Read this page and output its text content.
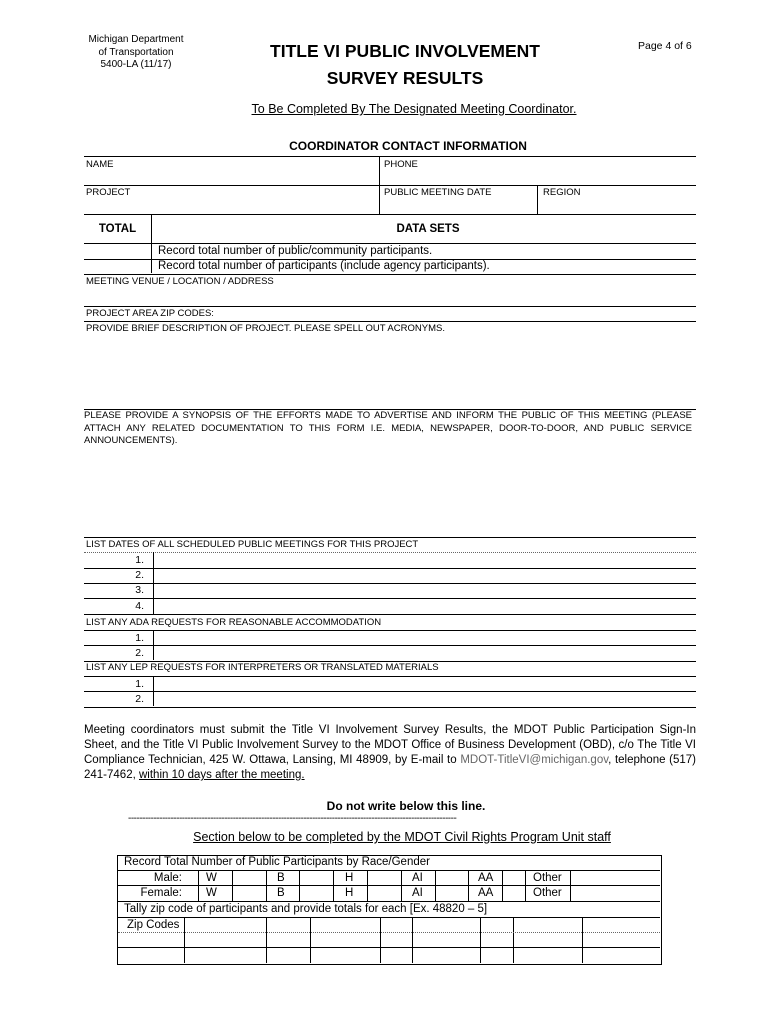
Michigan Department
of Transportation
5400-LA (11/17)
TITLE VI PUBLIC INVOLVEMENT
SURVEY RESULTS
Page 4 of 6
To Be Completed By The Designated Meeting Coordinator.
COORDINATOR CONTACT INFORMATION
NAME	PHONE
PROJECT	PUBLIC MEETING DATE	REGION
TOTAL	DATA SETS
Record total number of public/community participants.
Record total number of participants (include agency participants).
MEETING VENUE / LOCATION / ADDRESS
PROJECT AREA ZIP CODES:
PROVIDE BRIEF DESCRIPTION OF PROJECT. PLEASE SPELL OUT ACRONYMS.
PLEASE PROVIDE A SYNOPSIS OF THE EFFORTS MADE TO ADVERTISE AND INFORM THE PUBLIC OF THIS MEETING (PLEASE ATTACH ANY RELATED DOCUMENTATION TO THIS FORM I.E. MEDIA, NEWSPAPER, DOOR-TO-DOOR, AND PUBLIC SERVICE ANNOUNCEMENTS).
LIST DATES OF ALL SCHEDULED PUBLIC MEETINGS FOR THIS PROJECT
1.
2.
3.
4.
LIST ANY ADA REQUESTS FOR REASONABLE ACCOMMODATION
1.
2.
LIST ANY LEP REQUESTS FOR INTERPRETERS OR TRANSLATED MATERIALS
1.
2.
Meeting coordinators must submit the Title VI Involvement Survey Results, the MDOT Public Participation Sign-In Sheet, and the Title VI Public Involvement Survey to the MDOT Office of Business Development (OBD), c/o The Title VI Compliance Technician, 425 W. Ottawa, Lansing, MI 48909, by E-mail to MDOT-TitleVI@michigan.gov, telephone (517) 241-7462, within 10 days after the meeting.
Do not write below this line.
--------------------------------------------------------------------------------------------------------------------
Section below to be completed by the MDOT Civil Rights Program Unit staff
Record Total Number of Public Participants by Race/Gender
Male: W	B	H	AI	AA	Other
Female: W	B	H	AI	AA	Other
Tally zip code of participants and provide totals for each [Ex. 48820 – 5]
Zip Codes
